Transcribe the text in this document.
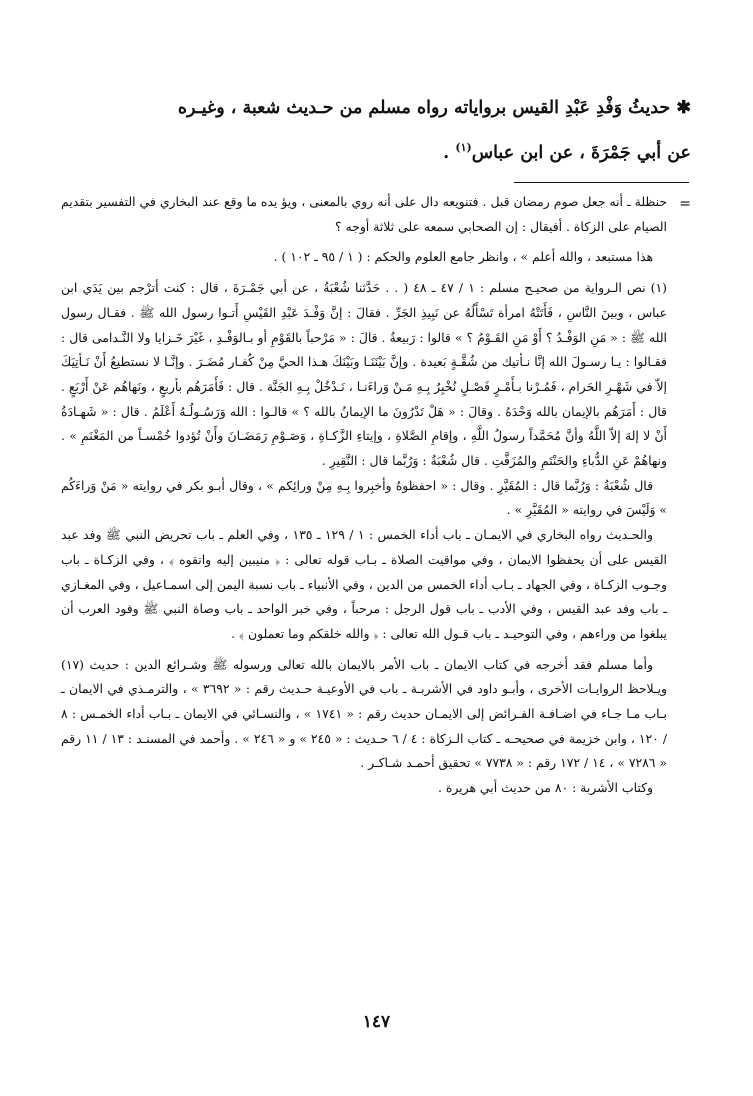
✱ حديثُ وَفْدِ عَبْدِ القيس برواياته رواه مسلم من حـديث شعبة ، وغيـره
عن أبي جَمْرَةَ ، عن ابن عباس$^{(١)}$ .
=

حنظلة ـ أنه جعل صوم رمضان قبل . فتنويعه دال على أنه روي بالمعنى ، ويؤ يده ما وقع عند البخاري في التفسير بتقديم الصيام على الزكاة . أفيقال : إن الصحابي سمعه على ثلاثة أوجه ؟

هذا مستبعد ، والله أعلم » ، وانظر جامع العلوم والحكم : ( ١ / ٩٥ ـ ١٠٢ ) .

(١) نص الـرواية من صحيـح مسلم : ١ / ٤٧ ـ ٤٨ ( . . حَدَّثنا شُعْبَةُ ، عن أبي جَمْـرَةَ ، قال : كنت أترْجم بين يَدَي ابن عباس ، وبينَ النَّاسِ ، فَأَتَتْهُ امرأة تَسْأَلُهُ عن نَبِيذِ الجَرِّ . فقالَ : إنَّ وَفْـدَ عَبْدِ القَيْسِ أَتـوا رسول الله ﷺ . فقـال رسول الله ﷺ : « مَنِ الوَفْـدُ ؟ أَوْ مَنِ القَـوْمُ ؟ » قالوا : رَبيعةُ . قالَ : « مَرْحباً بالقَوْمِ أو بـالوَفْـدِ ، غَيْرَ خَـزايا ولا النَّـدامى قال : فقـالوا : يـا رسـولَ الله إنَّا نـأتيك من شُقَّـةٍ بَعيدة . وإنَّ بَيْنَنَـا وبَيْنَكَ هـذا الحيَّ مِنْ كُفـار مُضَـرَ . وإنَّـا لا نستطيعُ أَنْ نَـأتِيَكَ إلاّ في شَهْـرِ الحَرام ، فَمُـرْنا بـأَمْـرٍ فَصْـلٍ نُخْبِرُ بِـهِ مَـنْ وَراءَنـا ، نَـدْخُلْ بِـهِ الجَنَّة . قال : فَأَمَرَهُم بأربعٍ ، ونَهاهُم عَنْ أَرْبَعٍ . قال : أَمَرَهُم بالإيمان بالله وَحْدَهُ . وقالَ : « هَلْ تَدْرُونَ ما الإيمانُ بالله ؟ » قالـوا : الله وَرَسُـولُـهُ أَعْلَمُ . قال : « شَهـادَةُ أَنْ لا إلهَ إلاّ اللَّهُ وأنَّ مُحَمَّداً رسولُ اللَّهِ ، وإقامِ الصَّلاةِ ، وإيتاءِ الزَّكـاةِ ، وَصَـوْمِ رَمَضَـانَ وأَنْ تُؤدوا خُمْسـاً من المَغْنَمِ » . ونهاهُمْ عَنِ الدُّباءِ والحَنْتَمِ والمُزَفَّتِ . قال شُعْبَةُ : وَرُبَّما قال : النَّقِيرِ .

قال شُعْبَةُ : وَرُبَّما قال : المُقَيَّرِ . وقال : « احفظوهُ وأخبِروا بِـهِ مِنْ ورائِكم » ، وقال أبـو بكر في روايته « مَنْ وَراءَكُم » وَلَيْسَ في روايته « المُقَيَّرِ » .

والحـديث رواه البخاري في الايمـان ـ باب أداء الخمس : ١ / ١٢٩ ـ ١٣٥ ، وفي العلم ـ باب تحريض النبي ﷺ وفد عبد القيس على أن يحفظوا الايمان ، وفي مواقيت الصلاة ـ بـاب قوله تعالى : ﴿ منيبين إليه واتقوه ﴾ ، وفي الزكـاة ـ باب وجـوب الزكـاة ، وفي الجهاد ـ بـاب أداء الخمس من الدين ، وفي الأنبياء ـ باب نسبة اليمن إلى اسمـاعيل ، وفي المغـازي ـ باب وفد عبد القيس ، وفي الأدب ـ باب قول الرجل : مرحباً ، وفي خبر الواحد ـ باب وصاة النبي ﷺ وفود العرب أن يبلغوا من وراءهم ، وفي التوحيـد ـ باب قـول الله تعالى : ﴿ والله خلقكم وما تعملون ﴾ .

وأما مسلم فقد أخرجه في كتاب الايمان ـ باب الأمر بالايمان بالله تعالى ورسوله ﷺ وشـرائع الدين : حديث (١٧) ويـلاحظ الروايـات الأخرى ، وأبـو داود في الأشربـة ـ باب في الأوعيـة حـديث رقم : « ٣٦٩٢ » ، والترمـذي في الايمان ـ بـاب مـا جـاء في اضـافـة الفـرائض إلى الايمـان حديث رقم : « ١٧٤١ » ، والنسـائي في الايمان ـ بـاب أداء الخمـس : ٨ / ١٢٠ ، وابن خزيمة في صحيحـه ـ كتاب الـزكاة : ٤ / ٦ حـديث : « ٢٤٥ » و « ٢٤٦ » . وأحمد في المسنـد : ١٣ / ١١ رقم « ٧٢٨٦ » ، ١٤ / ١٧٢ رقم : « ٧٧٣٨ » تحقيق أحمـد شـاكـر .

وكتاب الأشربة : ٨٠ من حديث أبي هريرة .

١٤٧
